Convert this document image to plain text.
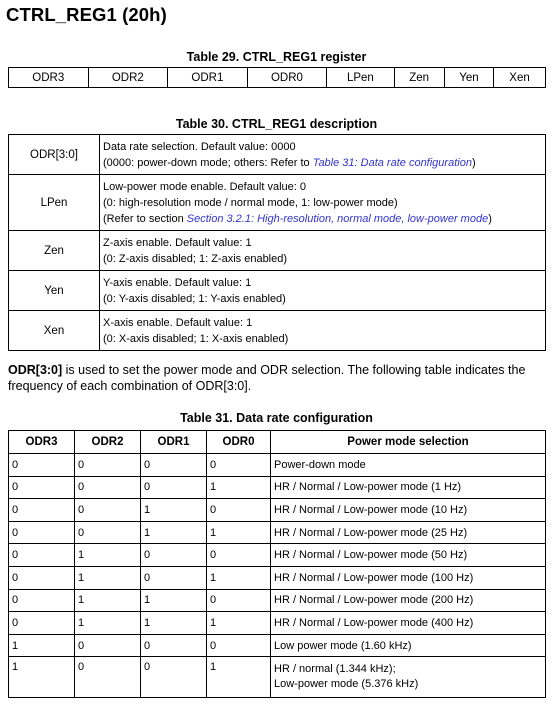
CTRL_REG1 (20h)
Table 29. CTRL_REG1 register
ODR3	ODR2	ODR1	ODR0	LPen	Zen	Yen	Xen
Table 30. CTRL_REG1 description
ODR[3:0]	Data rate selection. Default value: 0000
(0000: power-down mode; others: Refer to Table 31: Data rate configuration)

LPen	Low-power mode enable. Default value: 0
(0: high-resolution mode / normal mode, 1: low-power mode)
(Refer to section Section 3.2.1: High-resolution, normal mode, low-power mode)

Zen	Z-axis enable. Default value: 1
(0: Z-axis disabled; 1: Z-axis enabled)

Yen	Y-axis enable. Default value: 1
(0: Y-axis disabled; 1: Y-axis enabled)

Xen	X-axis enable. Default value: 1
(0: X-axis disabled; 1: X-axis enabled)
ODR[3:0] is used to set the power mode and ODR selection. The following table indicates the frequency of each combination of ODR[3:0].
Table 31. Data rate configuration
ODR3	ODR2	ODR1	ODR0	Power mode selection
0	0	0	0	Power-down mode
0	0	0	1	HR / Normal / Low-power mode (1 Hz)
0	0	1	0	HR / Normal / Low-power mode (10 Hz)
0	0	1	1	HR / Normal / Low-power mode (25 Hz)
0	1	0	0	HR / Normal / Low-power mode (50 Hz)
0	1	0	1	HR / Normal / Low-power mode (100 Hz)
0	1	1	0	HR / Normal / Low-power mode (200 Hz)
0	1	1	1	HR / Normal / Low-power mode (400 Hz)
1	0	0	0	Low power mode (1.60 kHz)
1	0	0	1	HR / normal (1.344 kHz);
Low-power mode (5.376 kHz)
